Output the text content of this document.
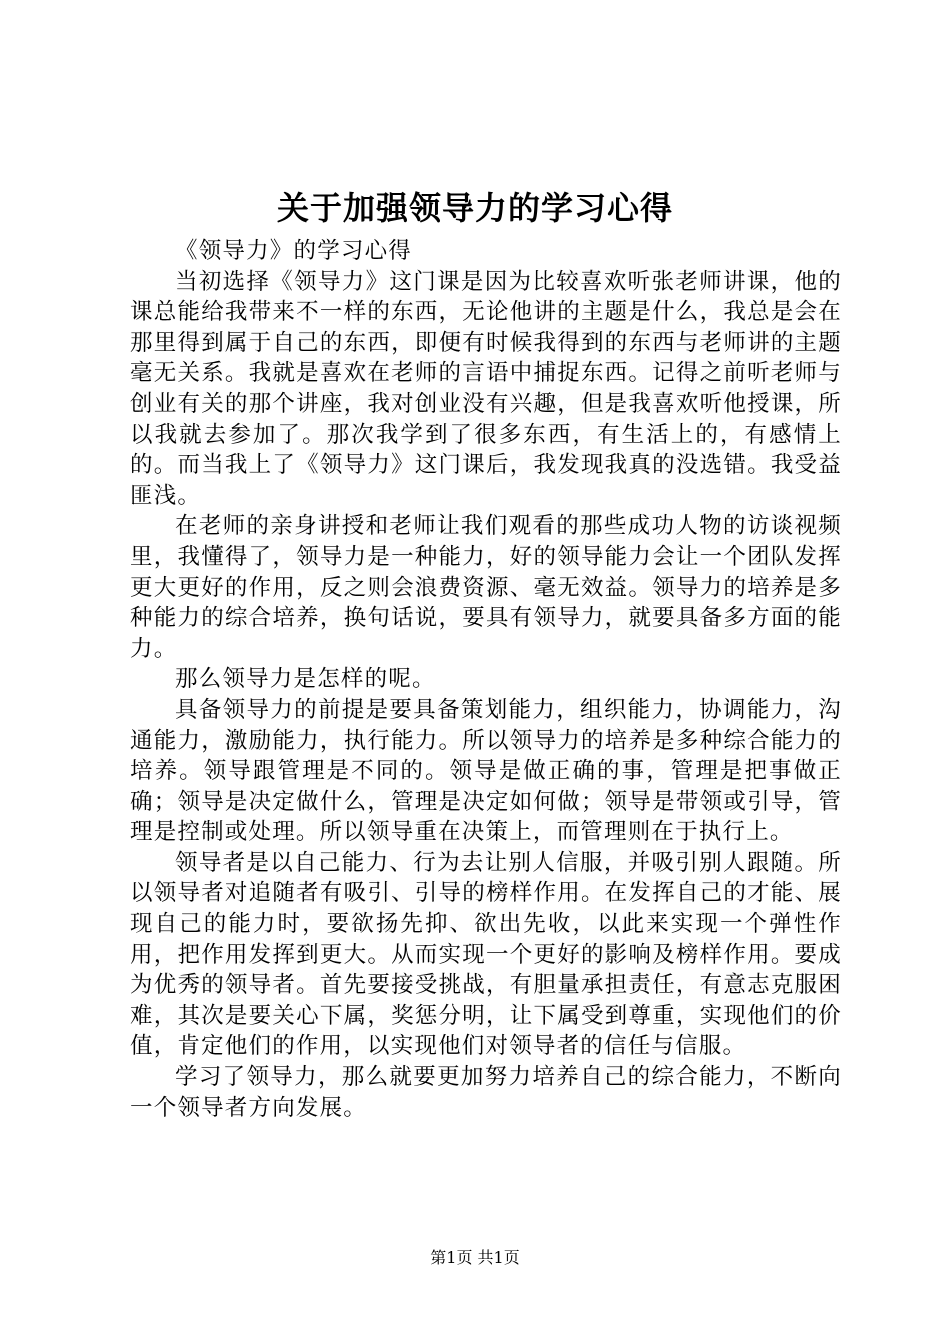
关于加强领导力的学习心得

《领导力》的学习心得

当初选择《领导力》这门课是因为比较喜欢听张老师讲课，他的课总能给我带来不一样的东西，无论他讲的主题是什么，我总是会在那里得到属于自己的东西，即便有时候我得到的东西与老师讲的主题毫无关系。我就是喜欢在老师的言语中捕捉东西。记得之前听老师与创业有关的那个讲座，我对创业没有兴趣，但是我喜欢听他授课，所以我就去参加了。那次我学到了很多东西，有生活上的，有感情上的。而当我上了《领导力》这门课后，我发现我真的没选错。我受益匪浅。

在老师的亲身讲授和老师让我们观看的那些成功人物的访谈视频里，我懂得了，领导力是一种能力，好的领导能力会让一个团队发挥更大更好的作用，反之则会浪费资源、毫无效益。领导力的培养是多种能力的综合培养，换句话说，要具有领导力，就要具备多方面的能力。

那么领导力是怎样的呢。

具备领导力的前提是要具备策划能力，组织能力，协调能力，沟通能力，激励能力，执行能力。所以领导力的培养是多种综合能力的培养。领导跟管理是不同的。领导是做正确的事，管理是把事做正确；领导是决定做什么，管理是决定如何做；领导是带领或引导，管理是控制或处理。所以领导重在决策上，而管理则在于执行上。

领导者是以自己能力、行为去让别人信服，并吸引别人跟随。所以领导者对追随者有吸引、引导的榜样作用。在发挥自己的才能、展现自己的能力时，要欲扬先抑、欲出先收，以此来实现一个弹性作用，把作用发挥到更大。从而实现一个更好的影响及榜样作用。要成为优秀的领导者。首先要接受挑战，有胆量承担责任，有意志克服困难，其次是要关心下属，奖惩分明，让下属受到尊重，实现他们的价值，肯定他们的作用，以实现他们对领导者的信任与信服。

学习了领导力，那么就要更加努力培养自己的综合能力，不断向一个领导者方向发展。

第1页 共1页
